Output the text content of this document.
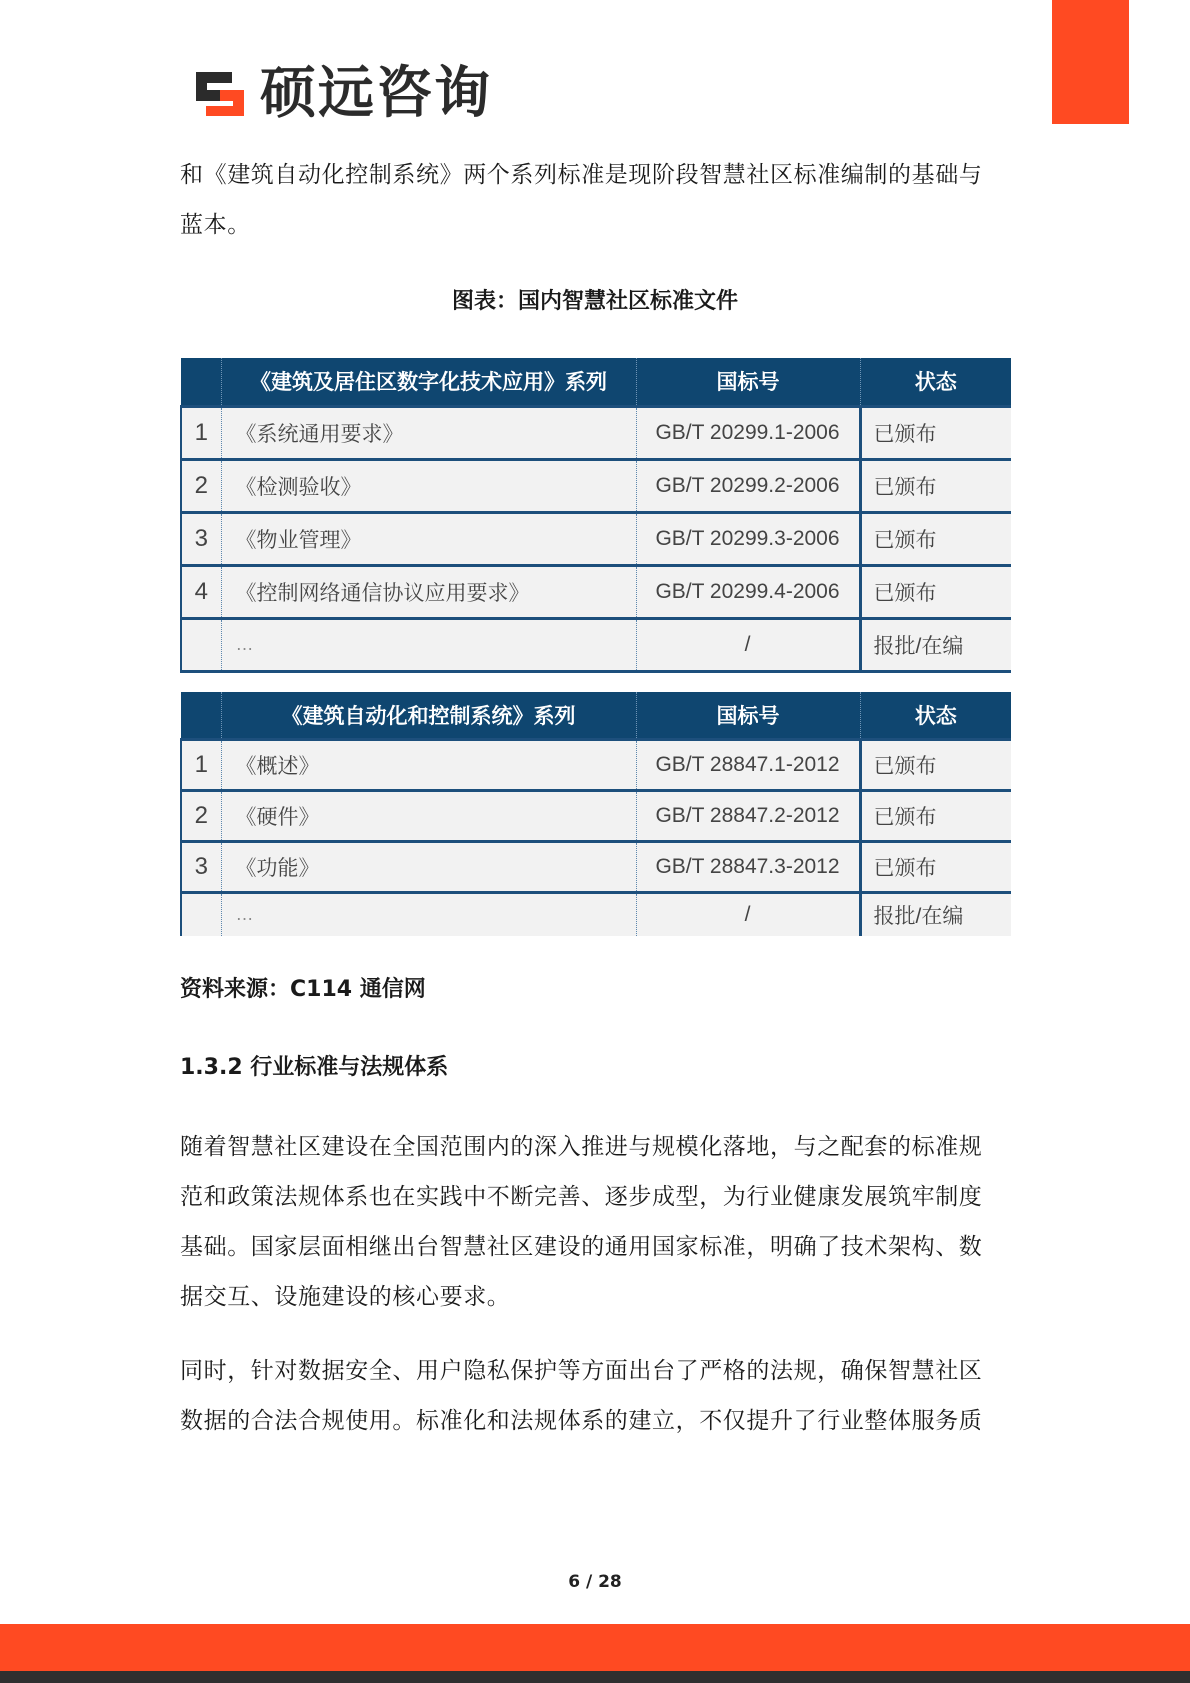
硕远咨询

和《建筑自动化控制系统》两个系列标准是现阶段智慧社区标准编制的基础与蓝本。

图表：国内智慧社区标准文件
	《建筑及居住区数字化技术应用》系列	国标号	状态
1	《系统通用要求》	GB/T 20299.1-2006	已颁布
2	《检测验收》	GB/T 20299.2-2006	已颁布
3	《物业管理》	GB/T 20299.3-2006	已颁布
4	《控制网络通信协议应用要求》	GB/T 20299.4-2006	已颁布
	…	/	报批/在编
	《建筑自动化和控制系统》系列	国标号	状态
1	《概述》	GB/T 28847.1-2012	已颁布
2	《硬件》	GB/T 28847.2-2012	已颁布
3	《功能》	GB/T 28847.3-2012	已颁布
	…	/	报批/在编
资料来源：C114 通信网
1.3.2 行业标准与法规体系

随着智慧社区建设在全国范围内的深入推进与规模化落地，与之配套的标准规范和政策法规体系也在实践中不断完善、逐步成型，为行业健康发展筑牢制度基础。国家层面相继出台智慧社区建设的通用国家标准，明确了技术架构、数据交互、设施建设的核心要求。

同时，针对数据安全、用户隐私保护等方面出台了严格的法规，确保智慧社区数据的合法合规使用。标准化和法规体系的建立，不仅提升了行业整体服务质

6 / 28
